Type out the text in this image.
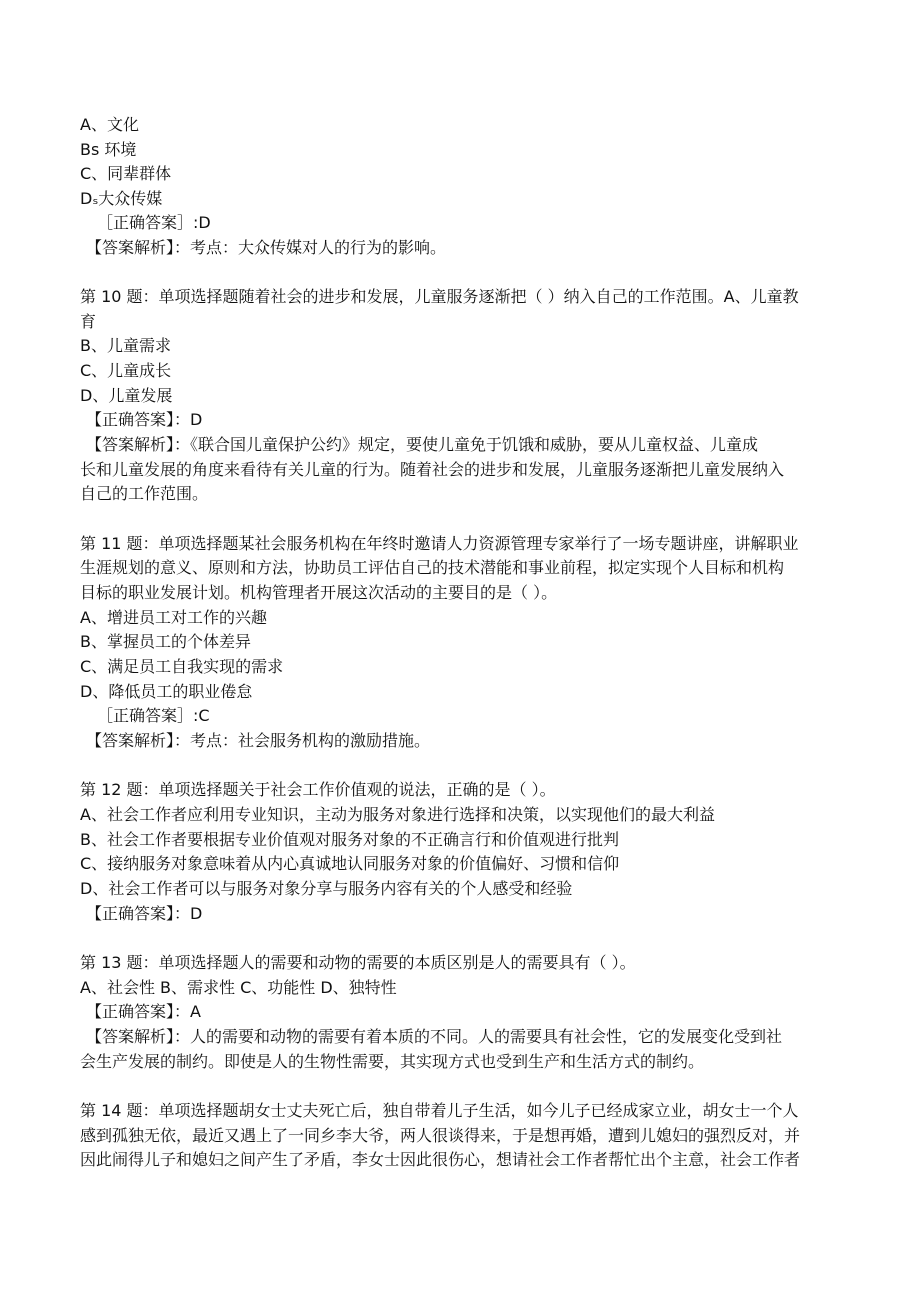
A、文化
Bs 环境
C、同辈群体
Dₛ大众传媒
［正确答案］:D
【答案解析】：考点：大众传媒对人的行为的影响。
第 10 题：单项选择题随着社会的进步和发展，儿童服务逐渐把（ ）纳入自己的工作范围。A、儿童教
育
B、儿童需求
C、儿童成长
D、儿童发展
【正确答案】：D
【答案解析】：《联合国儿童保护公约》规定，要使儿童免于饥饿和威胁，要从儿童权益、儿童成
长和儿童发展的角度来看待有关儿童的行为。随着社会的进步和发展，儿童服务逐渐把儿童发展纳入
自己的工作范围。
第 11 题：单项选择题某社会服务机构在年终时邀请人力资源管理专家举行了一场专题讲座，讲解职业
生涯规划的意义、原则和方法，协助员工评估自己的技术潜能和事业前程，拟定实现个人目标和机构
目标的职业发展计划。机构管理者开展这次活动的主要目的是（ ）。
A、增进员工对工作的兴趣
B、掌握员工的个体差异
C、满足员工自我实现的需求
D、降低员工的职业倦怠
［正确答案］:C
【答案解析】：考点：社会服务机构的激励措施。
第 12 题：单项选择题关于社会工作价值观的说法，正确的是（ ）。
A、社会工作者应利用专业知识，主动为服务对象进行选择和决策，以实现他们的最大利益
B、社会工作者要根据专业价值观对服务对象的不正确言行和价值观进行批判
C、接纳服务对象意味着从内心真诚地认同服务对象的价值偏好、习惯和信仰
D、社会工作者可以与服务对象分享与服务内容有关的个人感受和经验
【正确答案】：D
第 13 题：单项选择题人的需要和动物的需要的本质区别是人的需要具有（ ）。
A、社会性 B、需求性 C、功能性 D、独特性
【正确答案】：A
【答案解析】：人的需要和动物的需要有着本质的不同。人的需要具有社会性，它的发展变化受到社
会生产发展的制约。即使是人的生物性需要，其实现方式也受到生产和生活方式的制约。
第 14 题：单项选择题胡女士丈夫死亡后，独自带着儿子生活，如今儿子已经成家立业，胡女士一个人
感到孤独无依，最近又遇上了一同乡李大爷，两人很谈得来，于是想再婚，遭到儿媳妇的强烈反对，并
因此闹得儿子和媳妇之间产生了矛盾，李女士因此很伤心，想请社会工作者帮忙出个主意，社会工作者
